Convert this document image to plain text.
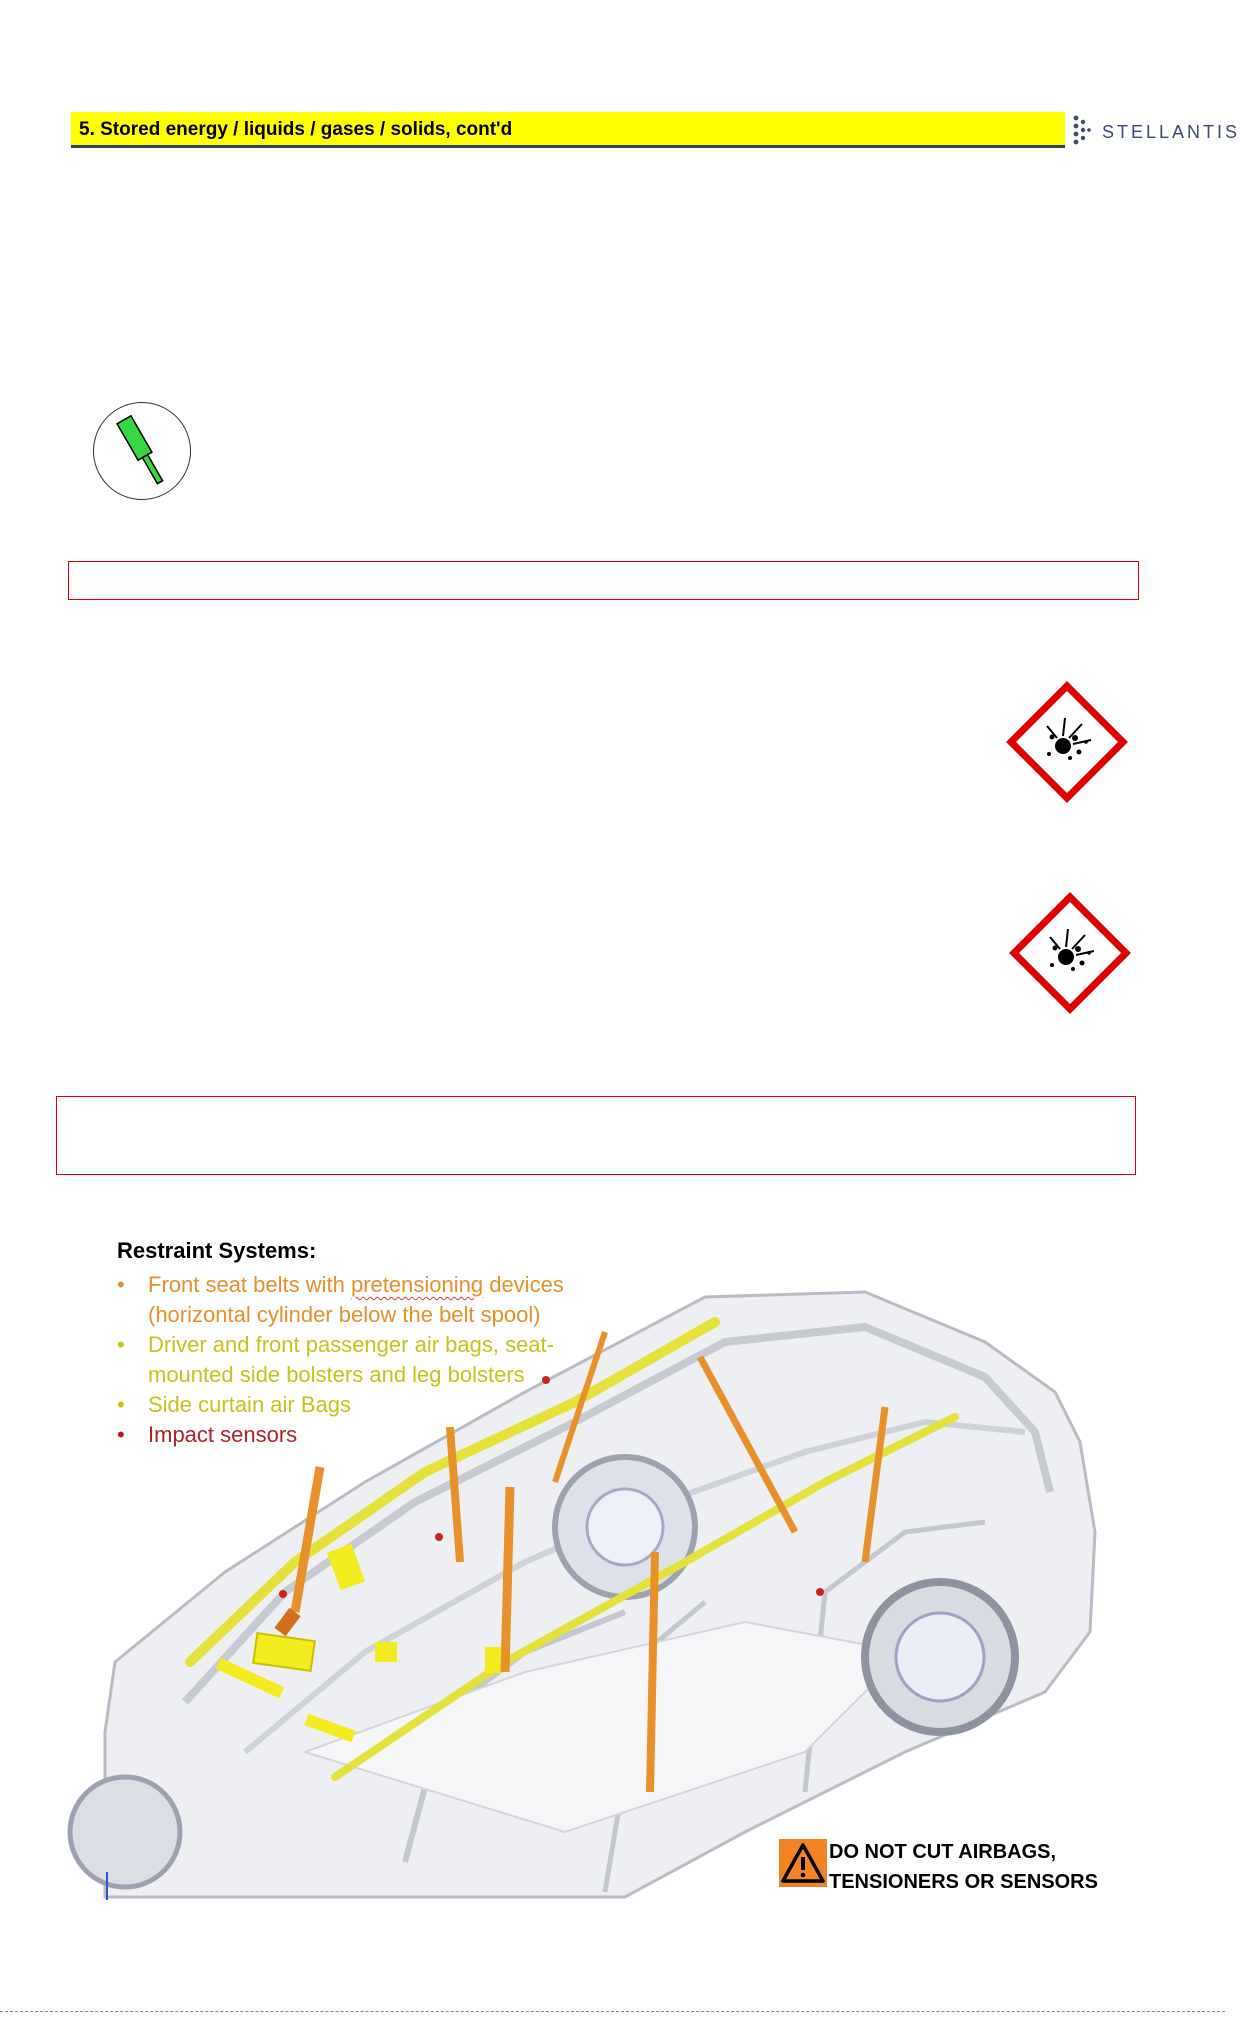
5. Stored energy / liquids / gases / solids, cont'd	STELLANTIS
Restraint Systems:
• Front seat belts with pretensioning devices
(horizontal cylinder below the belt spool)
• Driver and front passenger air bags, seat-
mounted side bolsters and leg bolsters
• Side curtain air Bags
• Impact sensors
DO NOT CUT AIRBAGS,
TENSIONERS OR SENSORS
